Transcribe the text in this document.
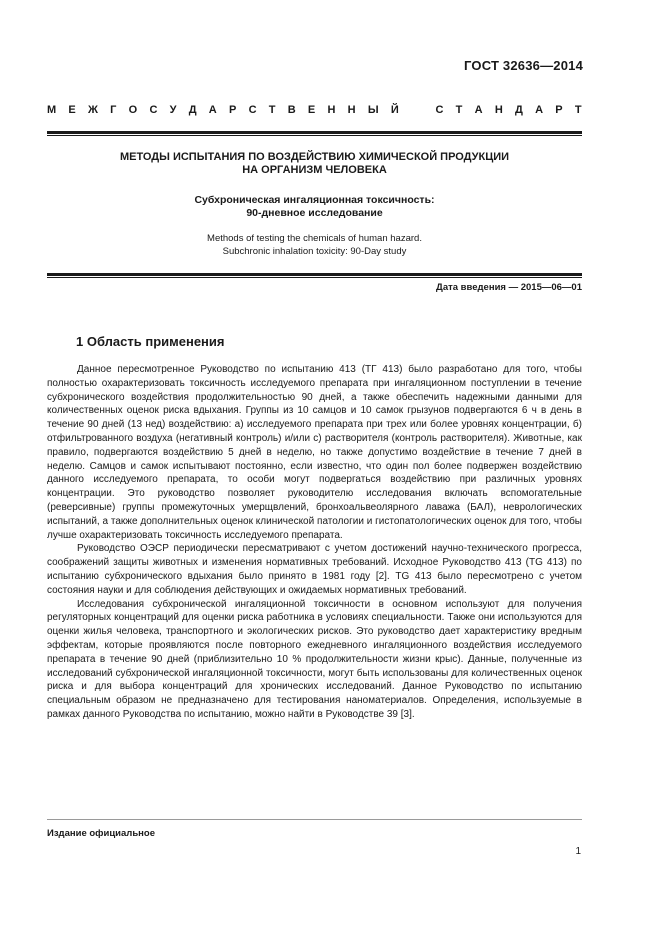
ГОСТ 32636—2014
М Е Ж Г О С У Д А Р С Т В Е Н Н Ы Й	С Т А Н Д А Р Т
МЕТОДЫ ИСПЫТАНИЯ ПО ВОЗДЕЙСТВИЮ ХИМИЧЕСКОЙ ПРОДУКЦИИ
НА ОРГАНИЗМ ЧЕЛОВЕКА
Субхроническая ингаляционная токсичность:
90-дневное исследование
Methods of testing the chemicals of human hazard.
Subchronic inhalation toxicity: 90-Day study
Дата введения — 2015—06—01
1 Область применения

Данное пересмотренное Руководство по испытанию 413 (ТГ 413) было разработано для того, чтобы полностью охарактеризовать токсичность исследуемого препарата при ингаляционном поступлении в течение субхронического воздействия продолжительностью 90 дней, а также обеспечить надежными данными для количественных оценок риска вдыхания. Группы из 10 самцов и 10 самок грызунов подвергаются 6 ч в день в течение 90 дней (13 нед) воздействию: а) исследуемого препарата при трех или более уровнях концентрации, б) отфильтрованного воздуха (негативный контроль) и/или с) растворителя (контроль растворителя). Животные, как правило, подвергаются воздействию 5 дней в неделю, но также допустимо воздействие в течение 7 дней в неделю. Самцов и самок испытывают постоянно, если известно, что один пол более подвержен воздействию данного исследуемого препарата, то особи могут подвергаться воздействию при различных уровнях концентрации. Это руководство позволяет руководителю исследования включать вспомогательные (реверсивные) группы промежуточных умерщвлений, бронхоальвеолярного лаважа (БАЛ), неврологических испытаний, а также дополнительных оценок клинической патологии и гистопатологических оценок для того, чтобы лучше охарактеризовать токсичность исследуемого препарата.

Руководство ОЭСР периодически пересматривают с учетом достижений научно-технического прогресса, соображений защиты животных и изменения нормативных требований. Исходное Руководство 413 (TG 413) по испытанию субхронического вдыхания было принято в 1981 году [2]. TG 413 было пересмотрено с учетом состояния науки и для соблюдения действующих и ожидаемых нормативных требований.

Исследования субхронической ингаляционной токсичности в основном используют для получения регуляторных концентраций для оценки риска работника в условиях специальности. Также они используются для оценки жилья человека, транспортного и экологических рисков. Это руководство дает характеристику вредным эффектам, которые проявляются после повторного ежедневного ингаляционного воздействия исследуемого препарата в течение 90 дней (приблизительно 10 % продолжительности жизни крыс). Данные, полученные из исследований субхронической ингаляционной токсичности, могут быть использованы для количественных оценок риска и для выбора концентраций для хронических исследований. Данное Руководство по испытанию специальным образом не предназначено для тестирования наноматериалов. Определения, используемые в рамках данного Руководства по испытанию, можно найти в Руководстве 39 [3].

Издание официальное
1
